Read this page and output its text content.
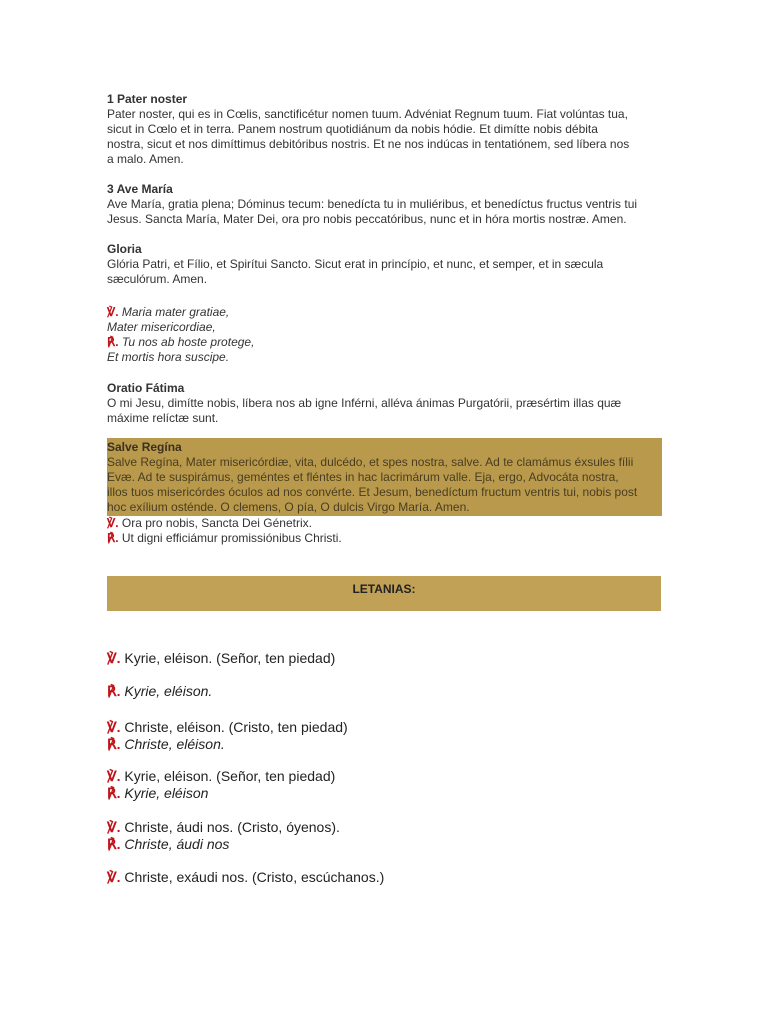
1 Pater noster
Pater noster, qui es in Cœlis, sanctificétur nomen tuum. Advéniat Regnum tuum. Fiat volúntas tua,
sicut in Cœlo et in terra. Panem nostrum quotidiánum da nobis hódie. Et dimítte nobis débita
nostra, sicut et nos dimíttimus debitóribus nostris. Et ne nos indúcas in tentatiónem, sed líbera nos
a malo. Amen.
3 Ave María
Ave María, gratia plena; Dóminus tecum: benedícta tu in muliéribus, et benedíctus fructus ventris tui
Jesus. Sancta María, Mater Dei, ora pro nobis peccatóribus, nunc et in hóra mortis nostræ. Amen.
Gloria
Glória Patri, et Fílio, et Spirítui Sancto. Sicut erat in princípio, et nunc, et semper, et in sæcula
sæculórum. Amen.
℣. Maria mater gratiae,
Mater misericordiae,
℟. Tu nos ab hoste protege,
Et mortis hora suscipe.
Oratio Fátima
O mi Jesu, dimítte nobis, líbera nos ab igne Inférni, alléva ánimas Purgatórii, præsértim illas quæ
máxime relíctæ sunt.
Salve Regína
Salve Regína, Mater misericórdiæ, vita, dulcédo, et spes nostra, salve. Ad te clamámus éxsules fílii
Evæ. Ad te suspirámus, geméntes et fléntes in hac lacrimárum valle. Eja, ergo, Advocáta nostra,
illos tuos misericórdes óculos ad nos convérte. Et Jesum, benedíctum fructum ventris tui, nobis post
hoc exílium osténde. O clemens, O pía, O dulcis Virgo María. Amen.
℣. Ora pro nobis, Sancta Dei Génetrix.
℟. Ut digni efficiámur promissiónibus Christi.
LETANIAS:
℣. Kyrie, eléison. (Señor, ten piedad)
℟. Kyrie, eléison.
℣. Christe, eléison. (Cristo, ten piedad)
℟. Christe, eléison.
℣. Kyrie, eléison. (Señor, ten piedad)
℟. Kyrie, eléison
℣. Christe, áudi nos. (Cristo, óyenos).
℟. Christe, áudi nos
℣. Christe, exáudi nos. (Cristo, escúchanos.)
